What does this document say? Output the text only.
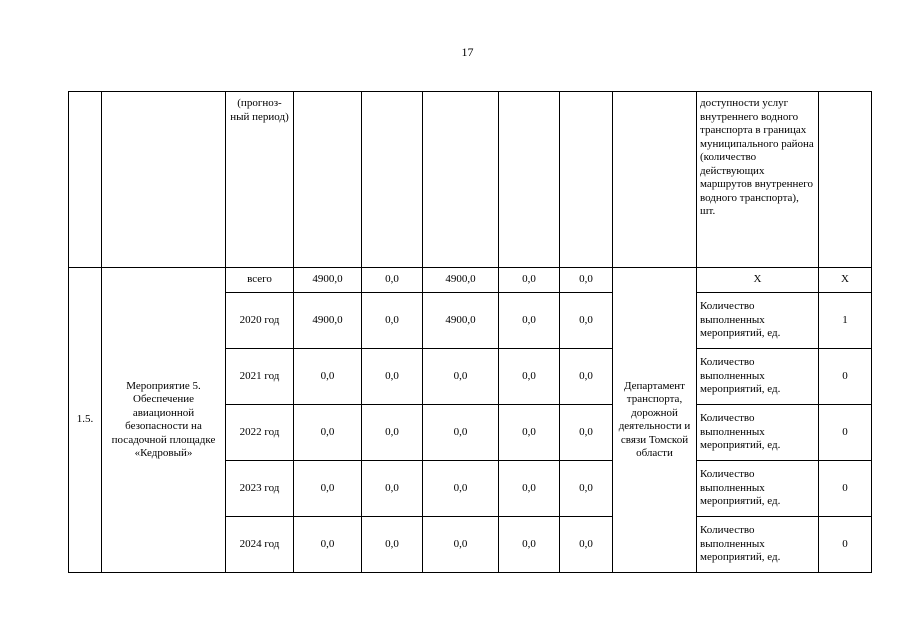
17
		(прогноз-ный период)							доступности услуг внутреннего водного транспорта в границах муниципального района (количество действующих маршрутов внутреннего водного транспорта), шт.	
1.5.	Мероприятие 5. Обеспечение авиационной безопасности на посадочной площадке «Кедровый»	всего	4900,0	0,0	4900,0	0,0	0,0	Департамент транспорта, дорожной деятельности и связи Томской области	Х	Х
		2020 год	4900,0	0,0	4900,0	0,0	0,0		Количество выполненных мероприятий, ед.	1
		2021 год	0,0	0,0	0,0	0,0	0,0		Количество выполненных мероприятий, ед.	0
		2022 год	0,0	0,0	0,0	0,0	0,0		Количество выполненных мероприятий, ед.	0
		2023 год	0,0	0,0	0,0	0,0	0,0		Количество выполненных мероприятий, ед.	0
		2024 год	0,0	0,0	0,0	0,0	0,0		Количество выполненных мероприятий, ед.	0
